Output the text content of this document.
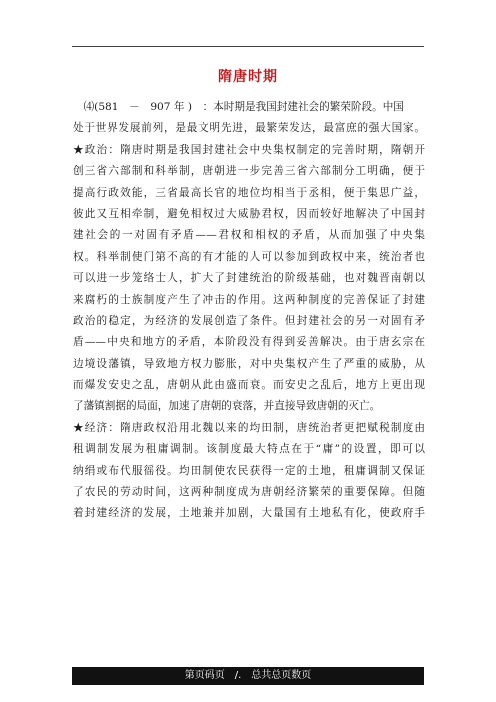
隋唐时期
　⑷(581　－　907 年 )　：本时期是我国封建社会的繁荣阶段。中国
处于世界发展前列，是最文明先进，最繁荣发达，最富庶的强大国家。
★政治：隋唐时期是我国封建社会中央集权制定的完善时期，隋朝开
创三省六部制和科举制，唐朝进一步完善三省六部制分工明确，便于
提高行政效能，三省最高长官的地位均相当于丞相，便于集思广益，
彼此又互相牵制，避免相权过大威胁君权，因而较好地解决了中国封
建社会的一对固有矛盾——君权和相权的矛盾，从而加强了中央集
权。科举制使门第不高的有才能的人可以参加到政权中来，统治者也
可以进一步笼络士人，扩大了封建统治的阶级基础，也对魏晋南朝以
来腐朽的士族制度产生了冲击的作用。这两种制度的完善保证了封建
政治的稳定，为经济的发展创造了条件。但封建社会的另一对固有矛
盾——中央和地方的矛盾，本阶段没有得到妥善解决。由于唐玄宗在
边境设藩镇，导致地方权力膨胀，对中央集权产生了严重的威胁，从
而爆发安史之乱，唐朝从此由盛而衰。而安史之乱后，地方上更出现
了藩镇割据的局面，加速了唐朝的衰落，并直接导致唐朝的灭亡。
★经济：隋唐政权沿用北魏以来的均田制，唐统治者更把赋税制度由
租调制发展为租庸调制。该制度最大特点在于“庸”的设置，即可以
纳绢或布代服徭役。均田制使农民获得一定的土地，租庸调制又保证
了农民的劳动时间，这两种制度成为唐朝经济繁荣的重要保障。但随
着封建经济的发展，土地兼并加剧，大量国有土地私有化，使政府手
第页码页　/.　总共总页数页
